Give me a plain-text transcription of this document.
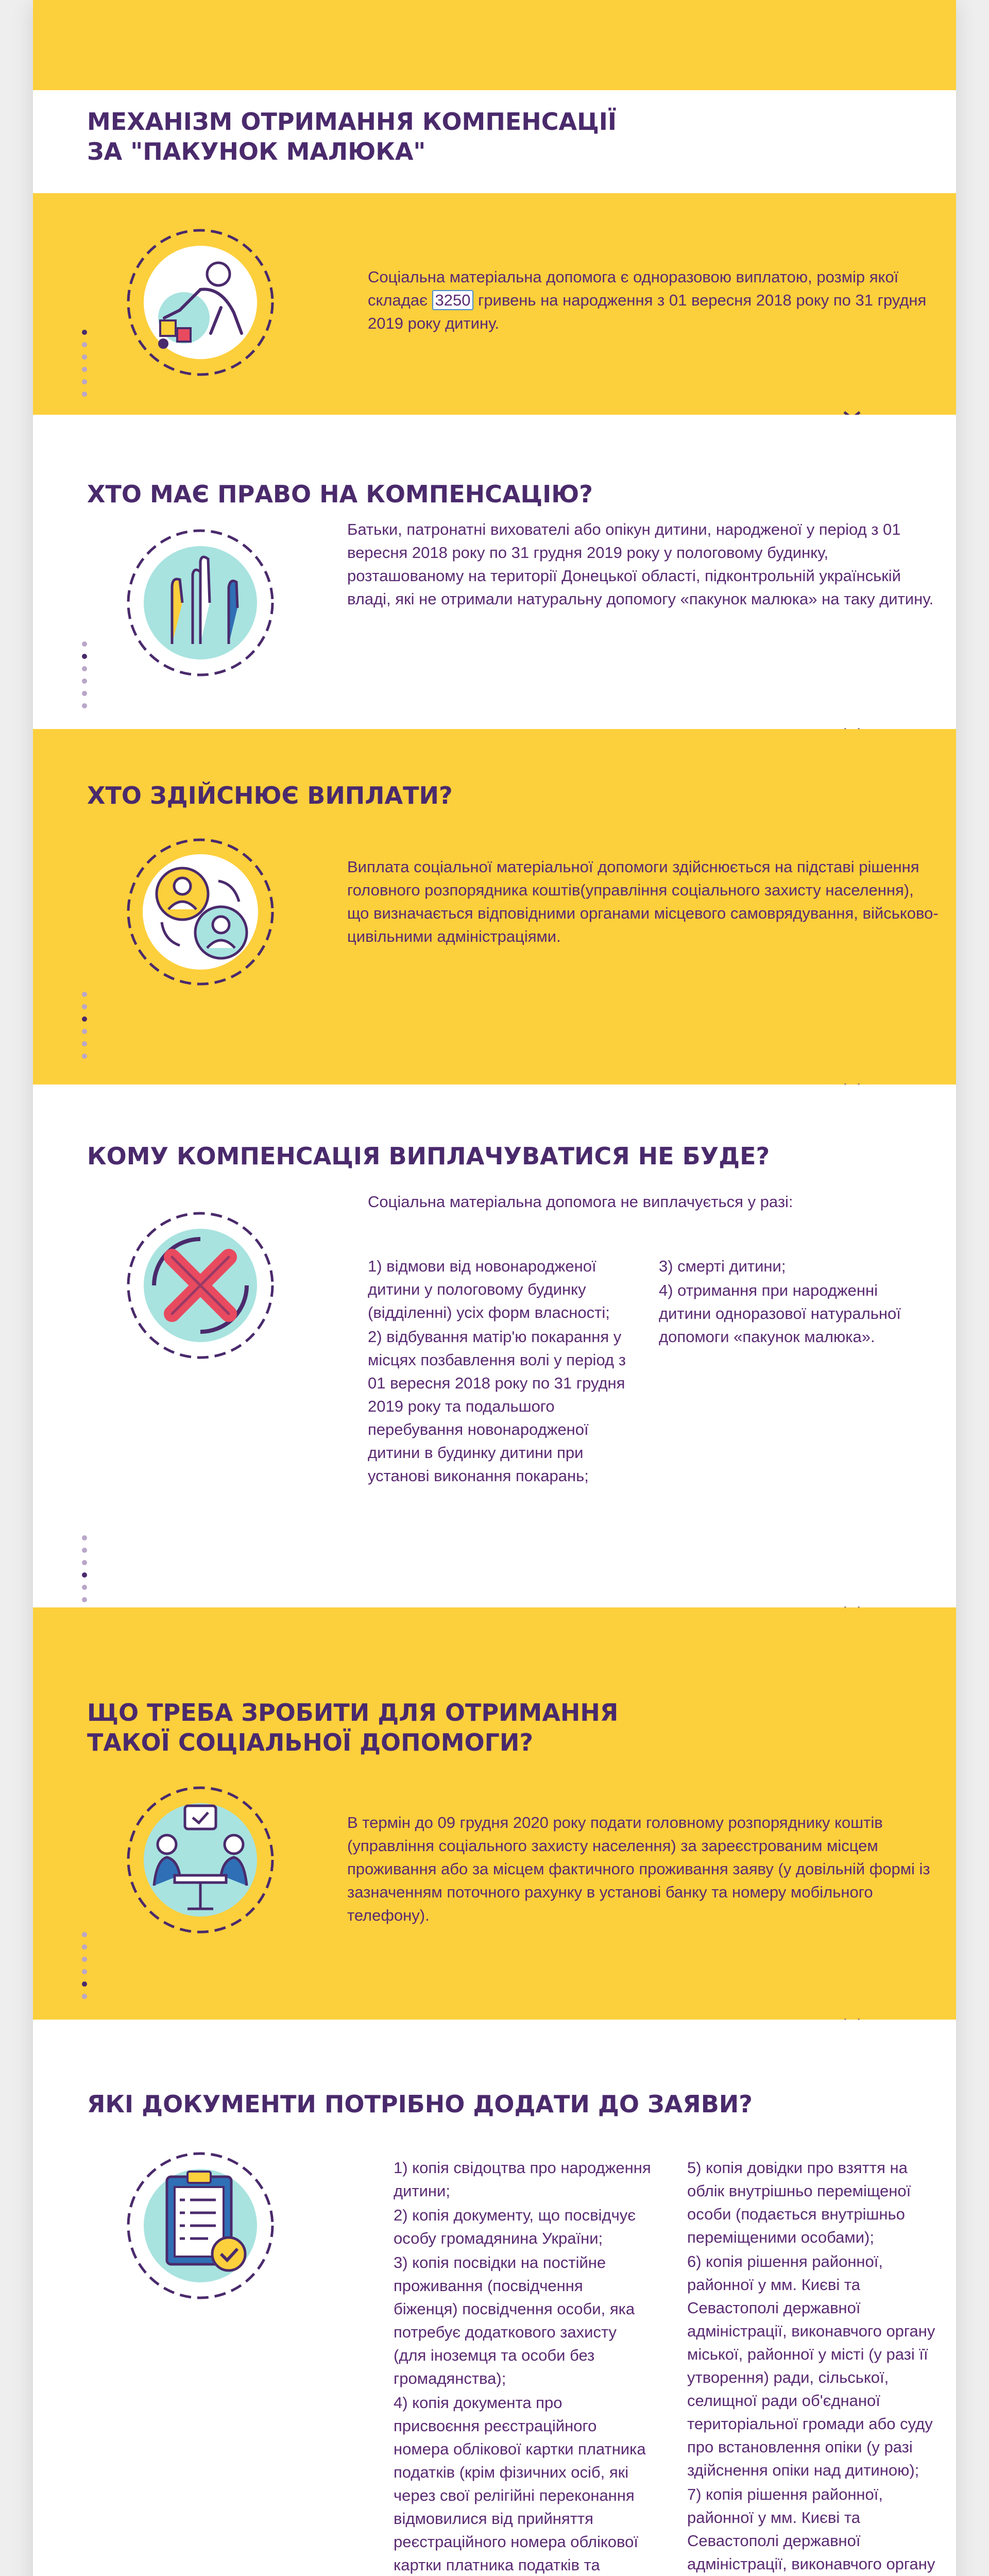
МЕХАНІЗМ ОТРИМАННЯ КОМПЕНСАЦІЇ
ЗА "ПАКУНОК МАЛЮКА"
Соціальна матеріальна допомога є одноразовою виплатою, розмір якої складає 3250 гривень на народження з 01 вересня 2018 року по 31 грудня 2019 року дитину.
ХТО МАЄ ПРАВО НА КОМПЕНСАЦІЮ?
Батьки, патронатні вихователі або опікун дитини, народженої у період з 01 вересня 2018 року по 31 грудня 2019 року у пологовому будинку, розташованому на території Донецької області, підконтрольній українській владі, які не отримали натуральну допомогу «пакунок малюка» на таку дитину.
ХТО ЗДІЙСНЮЄ ВИПЛАТИ?
Виплата соціальної матеріальної допомоги здійснюється на підставі рішення головного розпорядника коштів(управління соціального захисту населення), що визначається відповідними органами місцевого самоврядування, військово-цивільними адміністраціями.
КОМУ КОМПЕНСАЦІЯ ВИПЛАЧУВАТИСЯ НЕ БУДЕ?
Соціальна матеріальна допомога не виплачується у разі:

1) відмови від новонародженої дитини у пологовому будинку (відділенні) усіх форм власності;

2) відбування матір'ю покарання у місцях позбавлення волі у період з 01 вересня 2018 року по 31 грудня 2019 року та подальшого перебування новонародженої дитини в будинку дитини при установі виконання покарань;

3) смерті дитини;

4) отримання при народженні дитини одноразової натуральної допомоги «пакунок малюка».

ЩО ТРЕБА ЗРОБИТИ ДЛЯ ОТРИМАННЯ
ТАКОЇ СОЦІАЛЬНОЇ ДОПОМОГИ?
В термін до 09 грудня 2020 року подати головному розпоряднику коштів (управління соціального захисту населення) за зареєстрованим місцем проживання або за місцем фактичного проживання заяву (у довільній формі із зазначенням поточного рахунку в установі банку та номеру мобільного телефону).
ЯКІ ДОКУМЕНТИ ПОТРІБНО ДОДАТИ ДО ЗАЯВИ?

1) копія свідоцтва про народження дитини;

2) копія документу, що посвідчує особу громадянина України;

3) копія посвідки на постійне проживання (посвідчення біженця) посвідчення особи, яка потребує додаткового захисту (для іноземця та особи без громадянства);

4) копія документа про присвоєння реєстраційного номера облікової картки платника податків (крім фізичних осіб, які через свої релігійні переконання відмовилися від прийняття реєстраційного номера облікової картки платника податків та

5) копія довідки про взяття на облік внутрішньо переміщеної особи (подається внутрішньо переміщеними особами);

6) копія рішення районної, районної у мм. Києві та Севастополі державної адміністрації, виконавчого органу міської, районної у місті (у разі її утворення) ради, сільської, селищної ради об'єднаної територіальної громади або суду про встановлення опіки (у разі здійснення опіки над дитиною);

7) копія рішення районної, районної у мм. Києві та Севастополі державної адміністрації, виконавчого органу
